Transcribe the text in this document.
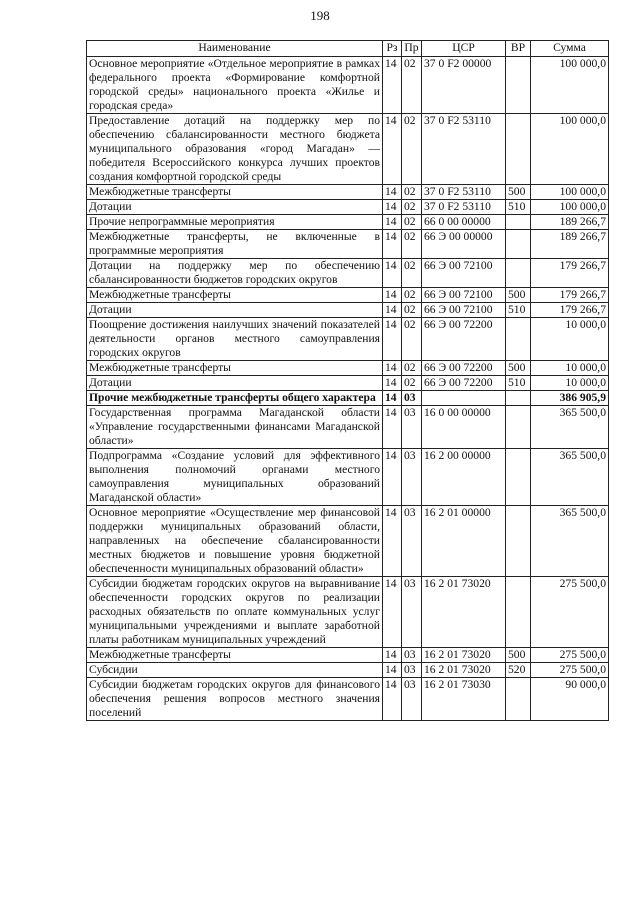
198
Наименование	Рз	Пр	ЦСР	ВР	Сумма
Основное мероприятие «Отдельное мероприятие в рамках федерального проекта «Формирование комфортной городской среды» национального проекта «Жилье и городская среда»	14	02	37 0 F2 00000		100 000,0
Предоставление дотаций на поддержку мер по обеспечению сбалансированности местного бюджета муниципального образования «город Магадан» — победителя Всероссийского конкурса лучших проектов создания комфортной городской среды	14	02	37 0 F2 53110		100 000,0
Межбюджетные трансферты	14	02	37 0 F2 53110	500	100 000,0
Дотации	14	02	37 0 F2 53110	510	100 000,0
Прочие непрограммные мероприятия	14	02	66 0 00 00000		189 266,7
Межбюджетные трансферты, не включенные в программные мероприятия	14	02	66 Э 00 00000		189 266,7
Дотации на поддержку мер по обеспечению сбалансированности бюджетов городских округов	14	02	66 Э 00 72100		179 266,7
Межбюджетные трансферты	14	02	66 Э 00 72100	500	179 266,7
Дотации	14	02	66 Э 00 72100	510	179 266,7
Поощрение достижения наилучших значений показателей деятельности органов местного самоуправления городских округов	14	02	66 Э 00 72200		10 000,0
Межбюджетные трансферты	14	02	66 Э 00 72200	500	10 000,0
Дотации	14	02	66 Э 00 72200	510	10 000,0
Прочие межбюджетные трансферты общего характера	14	03			386 905,9
Государственная программа Магаданской области «Управление государственными финансами Магаданской области»	14	03	16 0 00 00000		365 500,0
Подпрограмма «Создание условий для эффективного выполнения полномочий органами местного самоуправления муниципальных образований Магаданской области»	14	03	16 2 00 00000		365 500,0
Основное мероприятие «Осуществление мер финансовой поддержки муниципальных образований области, направленных на обеспечение сбалансированности местных бюджетов и повышение уровня бюджетной обеспеченности муниципальных образований области»	14	03	16 2 01 00000		365 500,0
Субсидии бюджетам городских округов на выравнивание обеспеченности городских округов по реализации расходных обязательств по оплате коммунальных услуг муниципальными учреждениями и выплате заработной платы работникам муниципальных учреждений	14	03	16 2 01 73020		275 500,0
Межбюджетные трансферты	14	03	16 2 01 73020	500	275 500,0
Субсидии	14	03	16 2 01 73020	520	275 500,0
Субсидии бюджетам городских округов для финансового обеспечения решения вопросов местного значения поселений	14	03	16 2 01 73030		90 000,0
